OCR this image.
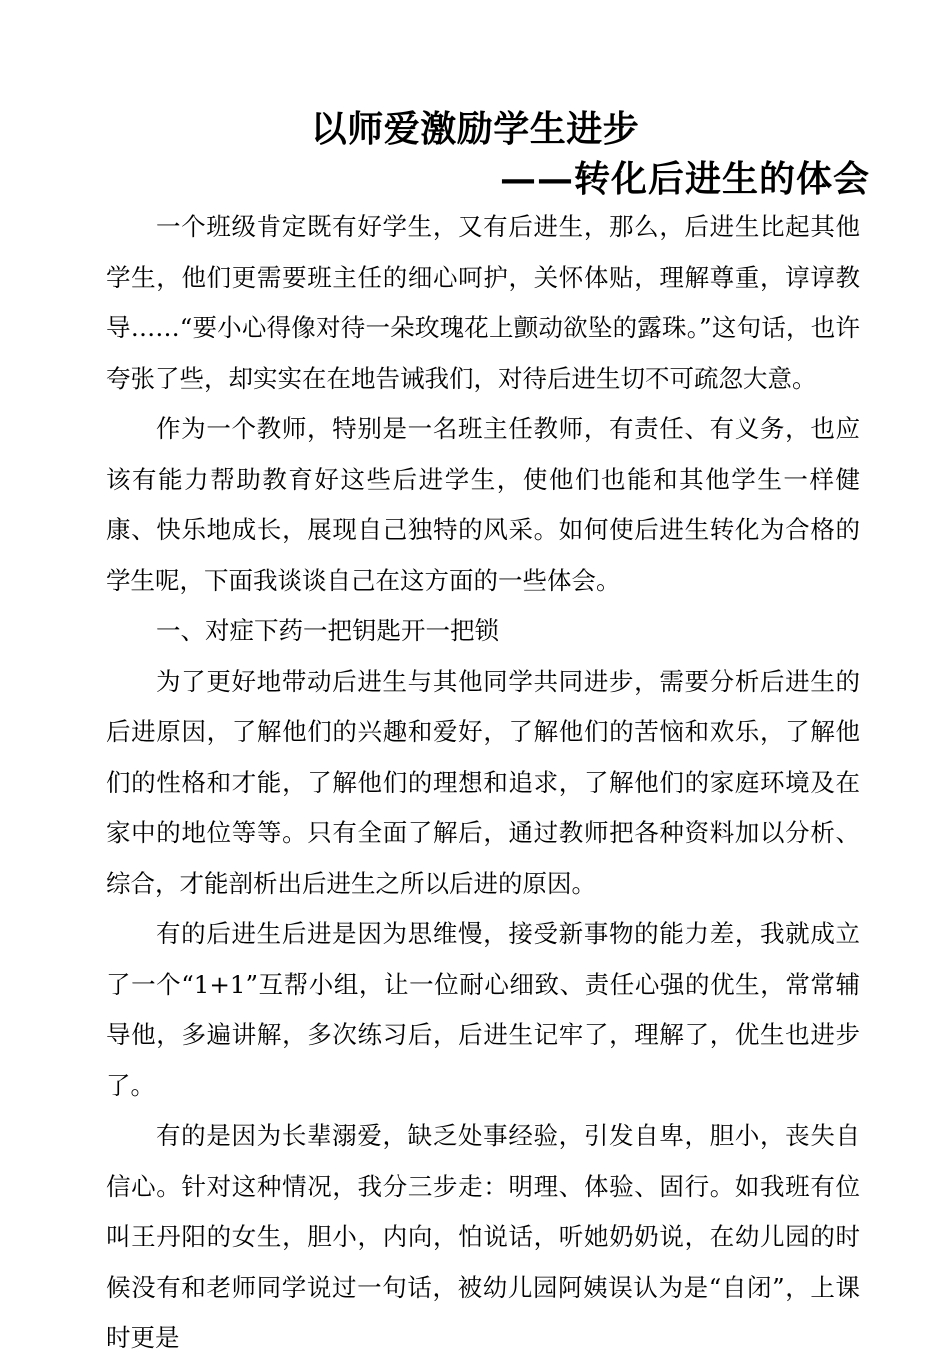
以师爱激励学生进步
——转化后进生的体会

一个班级肯定既有好学生，又有后进生，那么，后进生比起其他学生，他们更需要班主任的细心呵护，关怀体贴，理解尊重，谆谆教导……“要小心得像对待一朵玫瑰花上颤动欲坠的露珠。”这句话，也许夸张了些，却实实在在地告诫我们，对待后进生切不可疏忽大意。

作为一个教师，特别是一名班主任教师，有责任、有义务，也应该有能力帮助教育好这些后进学生，使他们也能和其他学生一样健康、快乐地成长，展现自己独特的风采。如何使后进生转化为合格的学生呢，下面我谈谈自己在这方面的一些体会。

一、对症下药一把钥匙开一把锁

为了更好地带动后进生与其他同学共同进步，需要分析后进生的后进原因，了解他们的兴趣和爱好，了解他们的苦恼和欢乐，了解他们的性格和才能，了解他们的理想和追求，了解他们的家庭环境及在家中的地位等等。只有全面了解后，通过教师把各种资料加以分析、综合，才能剖析出后进生之所以后进的原因。

有的后进生后进是因为思维慢，接受新事物的能力差，我就成立了一个“1+1”互帮小组，让一位耐心细致、责任心强的优生，常常辅导他，多遍讲解，多次练习后，后进生记牢了，理解了，优生也进步了。

有的是因为长辈溺爱，缺乏处事经验，引发自卑，胆小，丧失自信心。针对这种情况，我分三步走：明理、体验、固行。如我班有位叫王丹阳的女生，胆小，内向，怕说话，听她奶奶说，在幼儿园的时候没有和老师同学说过一句话，被幼儿园阿姨误认为是“自闭”，上课时更是
